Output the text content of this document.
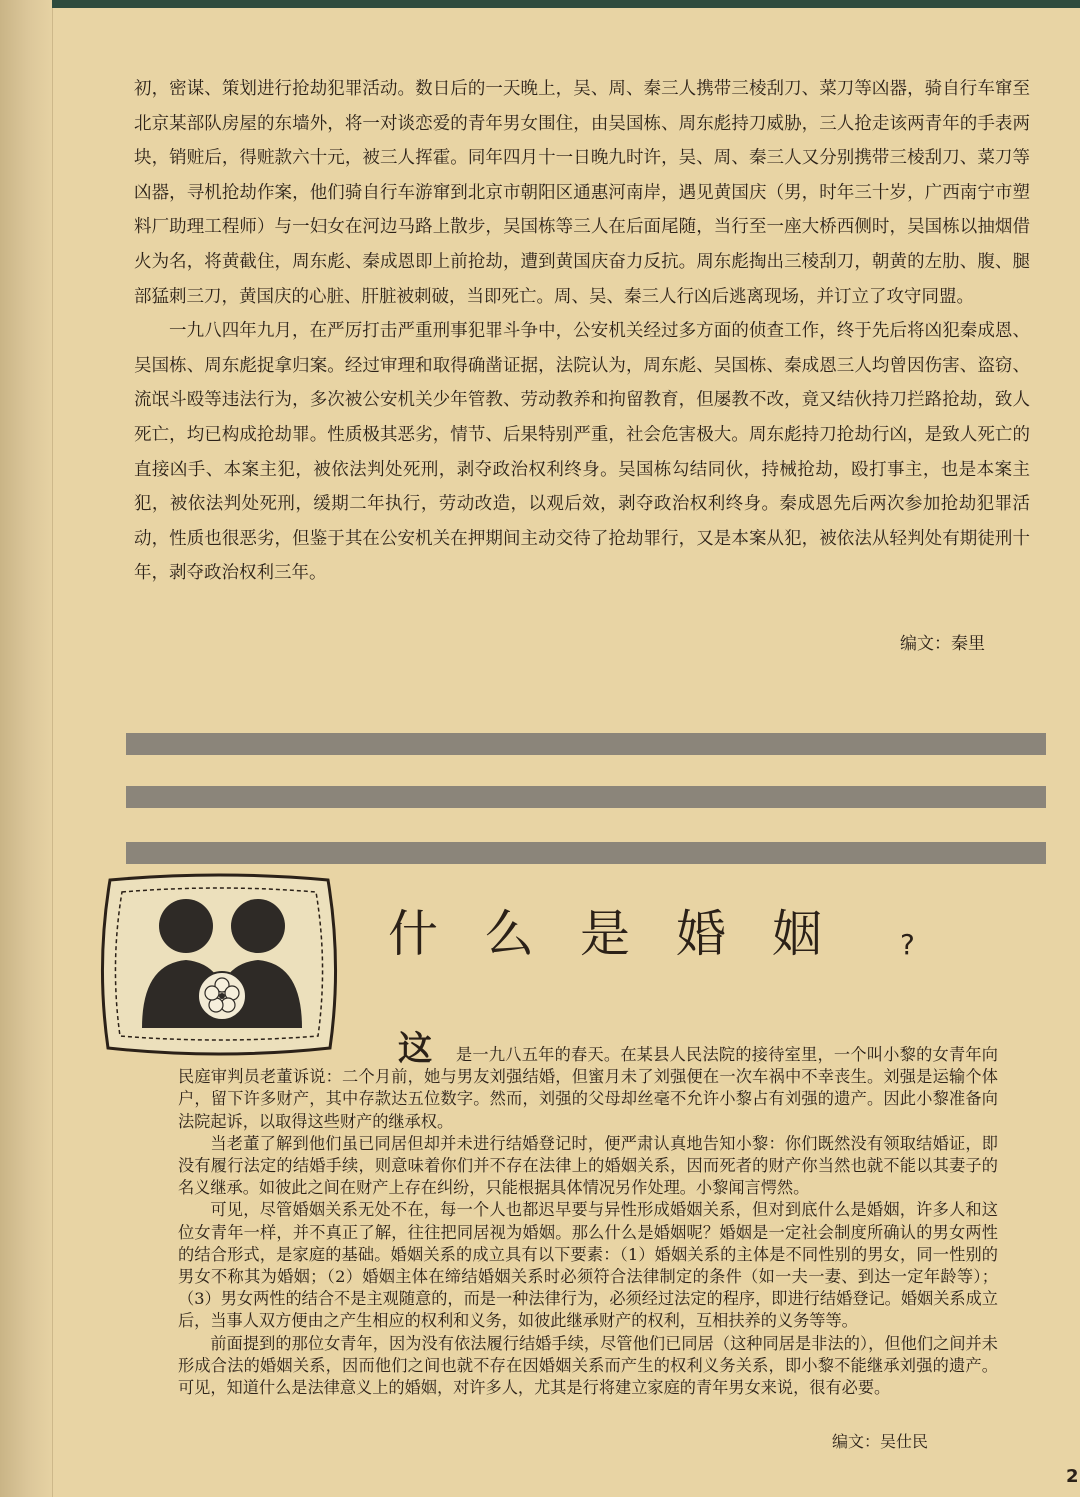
初，密谋、策划进行抢劫犯罪活动。数日后的一天晚上，吴、周、秦三人携带三棱刮刀、菜刀等凶器，骑自行车窜至北京某部队房屋的东墙外，将一对谈恋爱的青年男女围住，由吴国栋、周东彪持刀威胁，三人抢走该两青年的手表两块，销赃后，得赃款六十元，被三人挥霍。同年四月十一日晚九时许，吴、周、秦三人又分别携带三棱刮刀、菜刀等凶器，寻机抢劫作案，他们骑自行车游窜到北京市朝阳区通惠河南岸，遇见黄国庆（男，时年三十岁，广西南宁市塑料厂助理工程师）与一妇女在河边马路上散步，吴国栋等三人在后面尾随，当行至一座大桥西侧时，吴国栋以抽烟借火为名，将黄截住，周东彪、秦成恩即上前抢劫，遭到黄国庆奋力反抗。周东彪掏出三棱刮刀，朝黄的左肋、腹、腿部猛刺三刀，黄国庆的心脏、肝脏被刺破，当即死亡。周、吴、秦三人行凶后逃离现场，并订立了攻守同盟。

一九八四年九月，在严厉打击严重刑事犯罪斗争中，公安机关经过多方面的侦查工作，终于先后将凶犯秦成恩、吴国栋、周东彪捉拿归案。经过审理和取得确凿证据，法院认为，周东彪、吴国栋、秦成恩三人均曾因伤害、盗窃、流氓斗殴等违法行为，多次被公安机关少年管教、劳动教养和拘留教育，但屡教不改，竟又结伙持刀拦路抢劫，致人死亡，均已构成抢劫罪。性质极其恶劣，情节、后果特别严重，社会危害极大。周东彪持刀抢劫行凶，是致人死亡的直接凶手、本案主犯，被依法判处死刑，剥夺政治权利终身。吴国栋勾结同伙，持械抢劫，殴打事主，也是本案主犯，被依法判处死刑，缓期二年执行，劳动改造，以观后效，剥夺政治权利终身。秦成恩先后两次参加抢劫犯罪活动，性质也很恶劣，但鉴于其在公安机关在押期间主动交待了抢劫罪行，又是本案从犯，被依法从轻判处有期徒刑十年，剥夺政治权利三年。

编文：秦里
什么是婚姻 ?
这	是一九八五年的春天。在某县人民法院的接待室里，一个叫小黎的女青年向民庭审判员老董诉说：二个月前，她与男友刘强结婚，但蜜月未了刘强便在一次车祸中不幸丧生。刘强是运输个体户，留下许多财产，其中存款达五位数字。然而，刘强的父母却丝毫不允许小黎占有刘强的遗产。因此小黎准备向法院起诉，以取得这些财产的继承权。

当老董了解到他们虽已同居但却并未进行结婚登记时，便严肃认真地告知小黎：你们既然没有领取结婚证，即没有履行法定的结婚手续，则意味着你们并不存在法律上的婚姻关系，因而死者的财产你当然也就不能以其妻子的名义继承。如彼此之间在财产上存在纠纷，只能根据具体情况另作处理。小黎闻言愕然。

可见，尽管婚姻关系无处不在，每一个人也都迟早要与异性形成婚姻关系，但对到底什么是婚姻，许多人和这位女青年一样，并不真正了解，往往把同居视为婚姻。那么什么是婚姻呢？婚姻是一定社会制度所确认的男女两性的结合形式，是家庭的基础。婚姻关系的成立具有以下要素：（1）婚姻关系的主体是不同性别的男女，同一性别的男女不称其为婚姻；（2）婚姻主体在缔结婚姻关系时必须符合法律制定的条件（如一夫一妻、到达一定年龄等）；（3）男女两性的结合不是主观随意的，而是一种法律行为，必须经过法定的程序，即进行结婚登记。婚姻关系成立后，当事人双方便由之产生相应的权利和义务，如彼此继承财产的权利，互相扶养的义务等等。

前面提到的那位女青年，因为没有依法履行结婚手续，尽管他们已同居（这种同居是非法的），但他们之间并未形成合法的婚姻关系，因而他们之间也就不存在因婚姻关系而产生的权利义务关系，即小黎不能继承刘强的遗产。可见，知道什么是法律意义上的婚姻，对许多人，尤其是行将建立家庭的青年男女来说，很有必要。

编文：吴仕民
2
